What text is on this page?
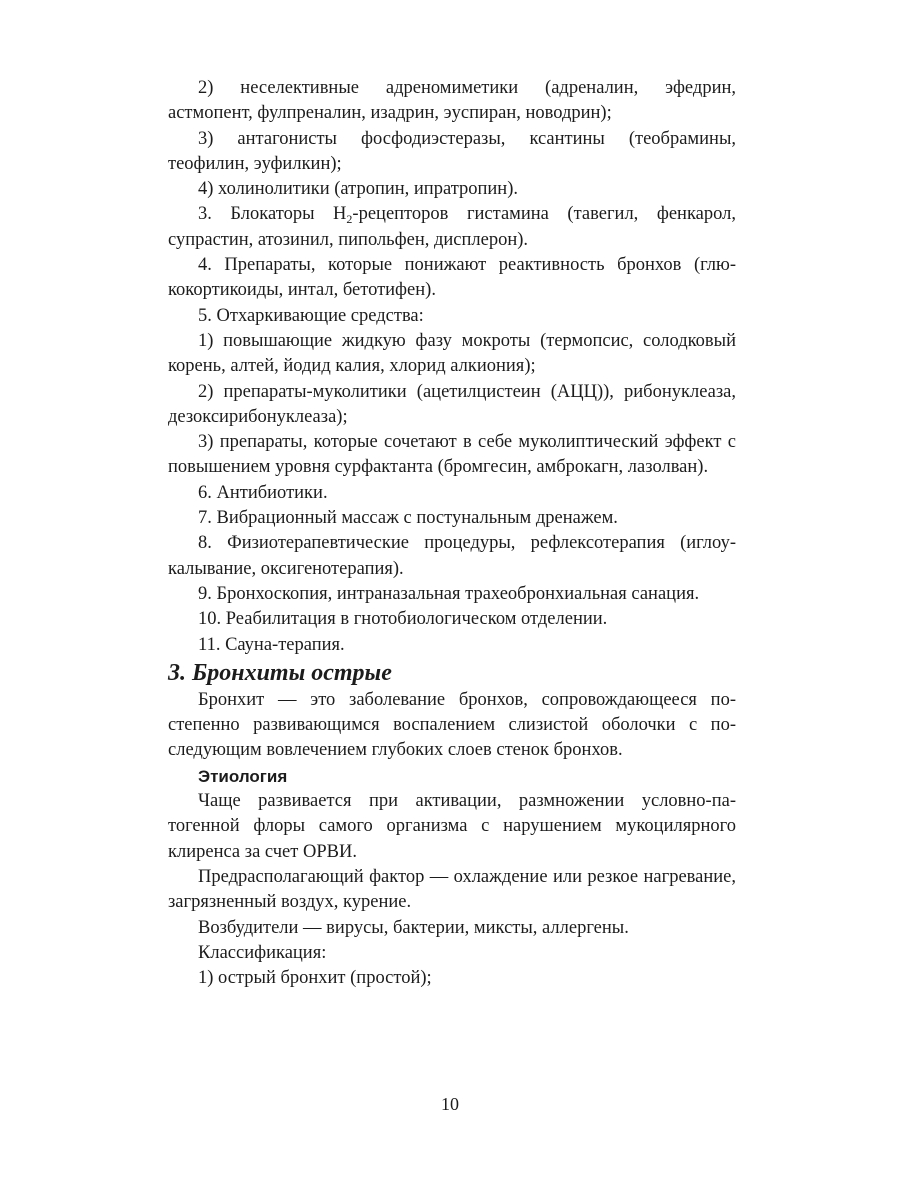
2) неселективные адреномиметики (адреналин, эфедрин, астмопент, фулпреналин, изадрин, эуспиран, новодрин);

3) антагонисты фосфодиэстеразы, ксантины (теобрамины, теофилин, эуфилкин);

4) холинолитики (атропин, ипратропин).

3. Блокаторы $Н_2$-рецепторов гистамина (тавегил, фенкарол, супрастин, атозинил, пипольфен, дисплерон).

4. Препараты, которые понижают реактивность бронхов (глюкокортикоиды, интал, бетотифен).

5. Отхаркивающие средства:

1) повышающие жидкую фазу мокроты (термопсис, солодковый корень, алтей, йодид калия, хлорид алкиония);

2) препараты-муколитики (ацетилцистеин (АЦЦ)), рибонуклеаза, дезоксирибонуклеаза);

3) препараты, которые сочетают в себе муколиптический эффект с повышением уровня сурфактанта (бромгесин, амброкагн, лазолван).

6. Антибиотики.

7. Вибрационный массаж с постунальным дренажем.

8. Физиотерапевтические процедуры, рефлексотерапия (иглоукалывание, оксигенотерапия).

9. Бронхоскопия, интраназальная трахеобронхиальная санация.

10. Реабилитация в гнотобиологическом отделении.

11. Сауна-терапия.

3. Бронхиты острые

Бронхит — это заболевание бронхов, сопровождающееся постепенно развивающимся воспалением слизистой оболочки с последующим вовлечением глубоких слоев стенок бронхов.

Этиология

Чаще развивается при активации, размножении условно-патогенной флоры самого организма с нарушением мукоцилярного клиренса за счет ОРВИ.

Предрасполагающий фактор — охлаждение или резкое нагревание, загрязненный воздух, курение.

Возбудители — вирусы, бактерии, миксты, аллергены.

Классификация:

1) острый бронхит (простой);

10
